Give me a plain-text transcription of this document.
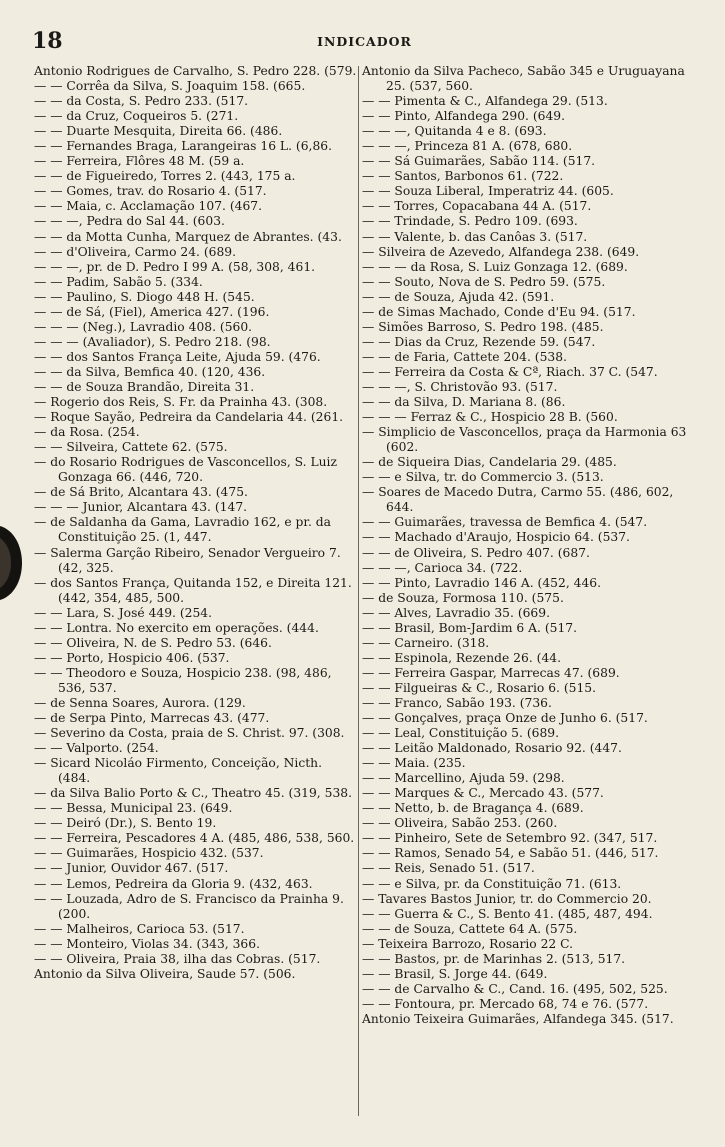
18	INDICADOR
Antonio Rodrigues de Carvalho, S. Pedro 228. (579.
— — Corrêa da Silva, S. Joaquim 158. (665.
— — da Costa, S. Pedro 233. (517.
— — da Cruz, Coqueiros 5. (271.
— — Duarte Mesquita, Direita 66. (486.
— — Fernandes Braga, Larangeiras 16 L. (6,86.
— — Ferreira, Flôres 48 M. (59 a.
— — de Figueiredo, Torres 2. (443, 175 a.
— — Gomes, trav. do Rosario 4. (517.
— — Maia, c. Acclamação 107. (467.
— — —, Pedra do Sal 44. (603.
— — da Motta Cunha, Marquez de Abrantes. (43.
— — d'Oliveira, Carmo 24. (689.
— — —, pr. de D. Pedro I 99 A. (58, 308, 461.
— — Padim, Sabão 5. (334.
— — Paulino, S. Diogo 448 H. (545.
— — de Sá, (Fiel), America 427. (196.
— — — (Neg.), Lavradio 408. (560.
— — — (Avaliador), S. Pedro 218. (98.
— — dos Santos França Leite, Ajuda 59. (476.
— — da Silva, Bemfica 40. (120, 436.
— — de Souza Brandão, Direita 31.
— Rogerio dos Reis, S. Fr. da Prainha 43. (308.
— Roque Sayão, Pedreira da Candelaria 44. (261.
— da Rosa. (254.
— — Silveira, Cattete 62. (575.
— do Rosario Rodrigues de Vasconcellos, S. Luiz Gonzaga 66. (446, 720.
— de Sá Brito, Alcantara 43. (475.
— — — Junior, Alcantara 43. (147.
— de Saldanha da Gama, Lavradio 162, e pr. da Constituição 25. (1, 447.
— Salerma Garção Ribeiro, Senador Vergueiro 7. (42, 325.
— dos Santos França, Quitanda 152, e Direita 121. (442, 354, 485, 500.
— — Lara, S. José 449. (254.
— — Lontra. No exercito em operações. (444.
— — Oliveira, N. de S. Pedro 53. (646.
— — Porto, Hospicio 406. (537.
— — Theodoro e Souza, Hospicio 238. (98, 486, 536, 537.
— de Senna Soares, Aurora. (129.
— de Serpa Pinto, Marrecas 43. (477.
— Severino da Costa, praia de S. Christ. 97. (308.
— — Valporto. (254.
— Sicard Nicoláo Firmento, Conceição, Nicth. (484.
— da Silva Balio Porto & C., Theatro 45. (319, 538.
— — Bessa, Municipal 23. (649.
— — Deiró (Dr.), S. Bento 19.
— — Ferreira, Pescadores 4 A. (485, 486, 538, 560.
— — Guimarães, Hospicio 432. (537.
— — Junior, Ouvidor 467. (517.
— — Lemos, Pedreira da Gloria 9. (432, 463.
— — Louzada, Adro de S. Francisco da Prainha 9. (200.
— — Malheiros, Carioca 53. (517.
— — Monteiro, Violas 34. (343, 366.
— — Oliveira, Praia 38, ilha das Cobras. (517.
Antonio da Silva Oliveira, Saude 57. (506.
Antonio da Silva Pacheco, Sabão 345 e Uruguayana 25. (537, 560.
— — Pimenta & C., Alfandega 29. (513.
— — Pinto, Alfandega 290. (649.
— — —, Quitanda 4 e 8. (693.
— — —, Princeza 81 A. (678, 680.
— — Sá Guimarães, Sabão 114. (517.
— — Santos, Barbonos 61. (722.
— — Souza Liberal, Imperatriz 44. (605.
— — Torres, Copacabana 44 A. (517.
— — Trindade, S. Pedro 109. (693.
— — Valente, b. das Canôas 3. (517.
— Silveira de Azevedo, Alfandega 238. (649.
— — — da Rosa, S. Luiz Gonzaga 12. (689.
— — Souto, Nova de S. Pedro 59. (575.
— — de Souza, Ajuda 42. (591.
— de Simas Machado, Conde d'Eu 94. (517.
— Simões Barroso, S. Pedro 198. (485.
— — Dias da Cruz, Rezende 59. (547.
— — de Faria, Cattete 204. (538.
— — Ferreira da Costa & Cª, Riach. 37 C. (547.
— — —, S. Christovão 93. (517.
— — da Silva, D. Mariana 8. (86.
— — — Ferraz & C., Hospicio 28 B. (560.
— Simplicio de Vasconcellos, praça da Harmonia 63 (602.
— de Siqueira Dias, Candelaria 29. (485.
— — e Silva, tr. do Commercio 3. (513.
— Soares de Macedo Dutra, Carmo 55. (486, 602, 644.
— — Guimarães, travessa de Bemfica 4. (547.
— — Machado d'Araujo, Hospicio 64. (537.
— — de Oliveira, S. Pedro 407. (687.
— — —, Carioca 34. (722.
— — Pinto, Lavradio 146 A. (452, 446.
— de Souza, Formosa 110. (575.
— — Alves, Lavradio 35. (669.
— — Brasil, Bom-Jardim 6 A. (517.
— — Carneiro. (318.
— — Espinola, Rezende 26. (44.
— — Ferreira Gaspar, Marrecas 47. (689.
— — Filgueiras & C., Rosario 6. (515.
— — Franco, Sabão 193. (736.
— — Gonçalves, praça Onze de Junho 6. (517.
— — Leal, Constituição 5. (689.
— — Leitão Maldonado, Rosario 92. (447.
— — Maia. (235.
— — Marcellino, Ajuda 59. (298.
— — Marques & C., Mercado 43. (577.
— — Netto, b. de Bragança 4. (689.
— — Oliveira, Sabão 253. (260.
— — Pinheiro, Sete de Setembro 92. (347, 517.
— — Ramos, Senado 54, e Sabão 51. (446, 517.
— — Reis, Senado 51. (517.
— — e Silva, pr. da Constituição 71. (613.
— Tavares Bastos Junior, tr. do Commercio 20.
— — Guerra & C., S. Bento 41. (485, 487, 494.
— — de Souza, Cattete 64 A. (575.
— Teixeira Barrozo, Rosario 22 C.
— — Bastos, pr. de Marinhas 2. (513, 517.
— — Brasil, S. Jorge 44. (649.
— — de Carvalho & C., Cand. 16. (495, 502, 525.
— — Fontoura, pr. Mercado 68, 74 e 76. (577.
Antonio Teixeira Guimarães, Alfandega 345. (517.
